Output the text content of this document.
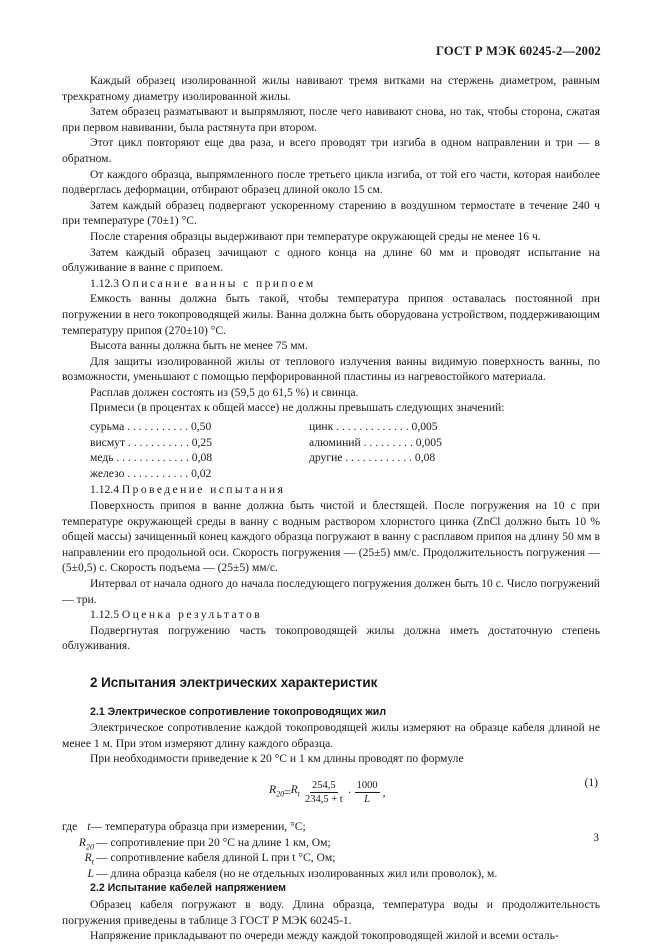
ГОСТ Р МЭК 60245-2—2002

Каждый образец изолированной жилы навивают тремя витками на стержень диаметром, равным трехкратному диаметру изолированной жилы.

Затем образец разматывают и выпрямляют, после чего навивают снова, но так, чтобы сторона, сжатая при первом навивании, была растянута при втором.

Этот цикл повторяют еще два раза, и всего проводят три изгиба в одном направлении и три — в обратном.

От каждого образца, выпрямленного после третьего цикла изгиба, от той его части, которая наиболее подверглась деформации, отбирают образец длиной около 15 см.

Затем каждый образец подвергают ускоренному старению в воздушном термостате в течение 240 ч при температуре (70±1) °С.

После старения образцы выдерживают при температуре окружающей среды не менее 16 ч.

Затем каждый образец зачищают с одного конца на длине 60 мм и проводят испытание на облуживание в ванне с припоем.

1.12.3 Описание ванны с припоем

Емкость ванны должна быть такой, чтобы температура припоя оставалась постоянной при погружении в него токопроводящей жилы. Ванна должна быть оборудована устройством, поддерживающим температуру припоя (270±10) °С.

Высота ванны должна быть не менее 75 мм.

Для защиты изолированной жилы от теплового излучения ванны видимую поверхность ванны, по возможности, уменьшают с помощью перфорированной пластины из нагревостойкого материала.

Расплав должен состоять из (59,5 до 61,5 %) и свинца.

Примеси (в процентах к общей массе) не должны превышать следующих значений:

сурьма . . . . . . . . . . . 0,50
висмут . . . . . . . . . . . 0,25
медь . . . . . . . . . . . . . 0,08
железо . . . . . . . . . . . 0,02
цинк . . . . . . . . . . . . . 0,005
алюминий . . . . . . . . . 0,005
другие . . . . . . . . . . . . 0,08
1.12.4 Проведение испытания

Поверхность припоя в ванне должна быть чистой и блестящей. После погружения на 10 с при температуре окружающей среды в ванну с водным раствором хлористого цинка (ZnCl должно быть 10 % общей массы) зачищенный конец каждого образца погружают в ванну с расплавом припоя на длину 50 мм в направлении его продольной оси. Скорость погружения — (25±5) мм/с. Продолжительность погружения — (5±0,5) с. Скорость подъема — (25±5) мм/с.

Интервал от начала одного до начала последующего погружения должен быть 10 с. Число погружений — три.

1.12.5 Оценка результатов

Подвергнутая погружению часть токопроводящей жилы должна иметь достаточную степень облуживания.

2 Испытания электрических характеристик
2.1 Электрическое сопротивление токопроводящих жил

Электрическое сопротивление каждой токопроводящей жилы измеряют на образце кабеля длиной не менее 1 м. При этом измеряют длину каждого образца.

При необходимости приведение к 20 °С и 1 км длины проводят по формуле

$R_{20} = R_t \frac{254,5}{234,5 + t} \cdot \frac{1000}{L}$ ,
(1)
где t — температура образца при измерении, °С;
$R_{20}$ — сопротивление при 20 °С на длине 1 км, Ом;
$R_t$ — сопротивление кабеля длиной L при t °С, Ом;
L — длина образца кабеля (но не отдельных изолированных жил или проволок), м.
2.2 Испытание кабелей напряжением

Образец кабеля погружают в воду. Длина образца, температура воды и продолжительность погружения приведены в таблице 3 ГОСТ Р МЭК 60245-1.

Напряжение прикладывают по очереди между каждой токопроводящей жилой и всеми осталь-

3
